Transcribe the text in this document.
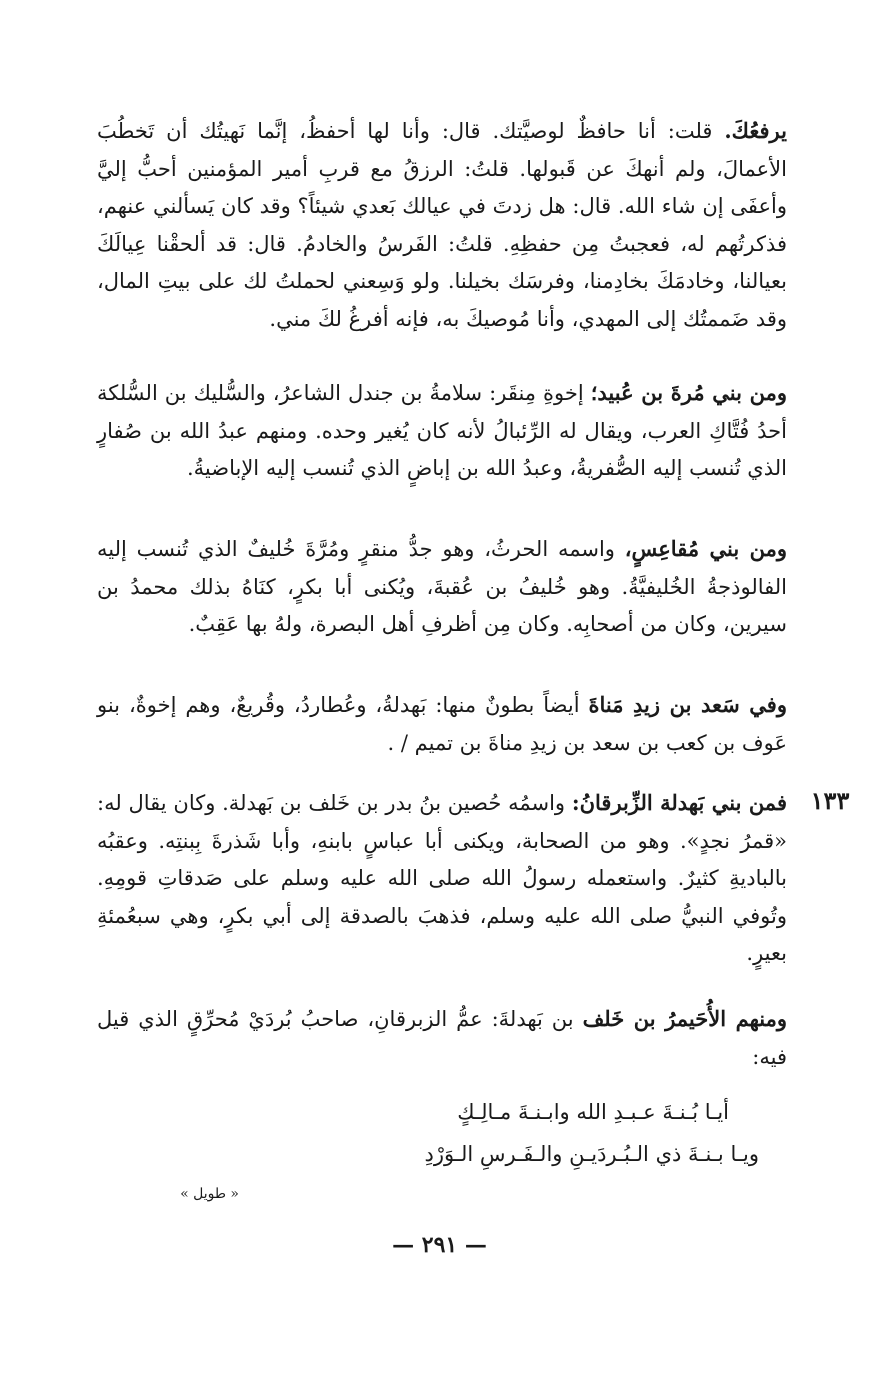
يرفعُكَ. قلت: أنا حافظٌ لوصيَّتك. قال: وأنا لها أحفظُ، إنَّما نَهيتُك أن تَخطُبَ الأعمالَ، ولم أنهكَ عن قَبولها. قلتُ: الرزقُ مع قربِ أمير المؤمنين أحبُّ إليَّ وأعفَى إن شاء الله. قال: هل زدتَ في عيالك بَعدي شيئاً؟ وقد كان يَسألني عنهم، فذكرتُهم له، فعجبتُ مِن حفظِهِ. قلتُ: الفَرسُ والخادمُ. قال: قد ألحقْنا عِيالَكَ بعيالنا، وخادمَكَ بخادِمنا، وفرسَك بخيلنا. ولو وَسِعني لحملتُ لك على بيتِ المال، وقد ضَممتُك إلى المهدي، وأنا مُوصيكَ به، فإنه أفرغُ لكَ مني.

ومن بني مُرةَ بن عُبيد؛ إخوةِ مِنقَر: سلامةُ بن جندل الشاعرُ، والسُّليك بن السُّلكة أحدُ فُتَّاكِ العرب، ويقال له الرِّئبالُ لأنه كان يُغير وحده. ومنهم عبدُ الله بن صُفارٍ الذي تُنسب إليه الصُّفريةُ، وعبدُ الله بن إباضٍ الذي تُنسب إليه الإباضيةُ.

ومن بني مُقاعِسٍ، واسمه الحرثُ، وهو جدُّ منقرٍ ومُرَّةَ خُليفٌ الذي تُنسب إليه الفالوذجةُ الخُليفيَّةُ. وهو خُليفُ بن عُقبةَ، ويُكنى أبا بكرٍ، كنَاهُ بذلك محمدُ بن سيرين، وكان من أصحابِه. وكان مِن أظرفِ أهل البصرة، ولهُ بها عَقِبٌ.

وفي سَعد بن زيدِ مَناةَ أيضاً بطونٌ منها: بَهدلةُ، وعُطاردُ، وقُريعٌ، وهم إخوةٌ، بنو عَوف بن كعب بن سعد بن زيدِ مناةَ بن تميم / .

١٣٣

فمن بني بَهدلة الزِّبرقانُ: واسمُه حُصين بنُ بدر بن خَلف بن بَهدلة. وكان يقال له: «قمرُ نجدٍ». وهو من الصحابة، ويكنى أبا عباسٍ بابنهِ، وأبا شَذرةَ بِبنتِه. وعقبُه بالباديةِ كثيرٌ. واستعمله رسولُ الله صلى الله عليه وسلم على صَدقاتِ قومِهِ. وتُوفي النبيُّ صلى الله عليه وسلم، فذهبَ بالصدقة إلى أبي بكرٍ، وهي سبعُمئةِ بعيرٍ.

ومنهم الأُحَيمرُ بن خَلف بن بَهدلةَ: عمُّ الزبرقانِ، صاحبُ بُردَيْ مُحرِّقٍ الذي قيل فيه:

أيـا بُـنـةَ عـبـدِ الله وابـنـةَ مـالِـكٍ
ويـا بـنـةَ ذي الـبُـردَيـنِ والـفَـرسِ الـوَرْدِ
« طويل »
— ٢٩١ —
